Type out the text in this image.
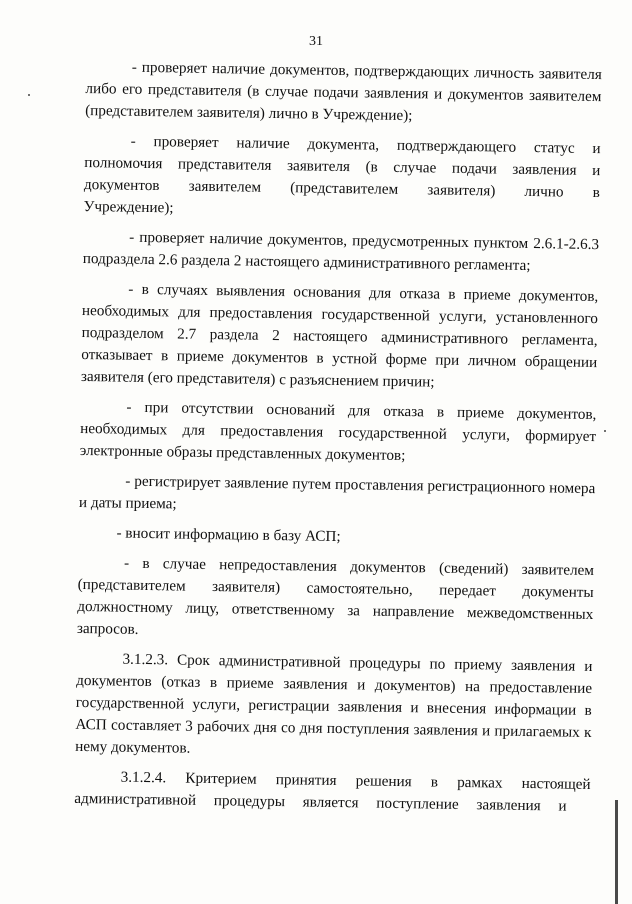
31

- проверяет наличие документов, подтверждающих личность заявителя либо его представителя (в случае подачи заявления и документов заявителем (представителем заявителя) лично в Учреждение);

- проверяет наличие документа, подтверждающего статус и полномочия представителя заявителя (в случае подачи заявления и документов заявителем (представителем заявителя) лично в Учреждение);

- проверяет наличие документов, предусмотренных пунктом 2.6.1-2.6.3 подраздела 2.6 раздела 2 настоящего административного регламента;

- в случаях выявления основания для отказа в приеме документов, необходимых для предоставления государственной услуги, установленного подразделом 2.7 раздела 2 настоящего административного регламента, отказывает в приеме документов в устной форме при личном обращении заявителя (его представителя) с разъяснением причин;

- при отсутствии оснований для отказа в приеме документов, необходимых для предоставления государственной услуги, формирует электронные образы представленных документов;

- регистрирует заявление путем проставления регистрационного номера и даты приема;

- вносит информацию в базу АСП;

- в случае непредоставления документов (сведений) заявителем (представителем заявителя) самостоятельно, передает документы должностному лицу, ответственному за направление межведомственных запросов.

3.1.2.3. Срок административной процедуры по приему заявления и документов (отказ в приеме заявления и документов) на предоставление государственной услуги, регистрации заявления и внесения информации в АСП составляет 3 рабочих дня со дня поступления заявления и прилагаемых к нему документов.

3.1.2.4. Критерием принятия решения в рамках настоящей административной процедуры является поступление заявления и
